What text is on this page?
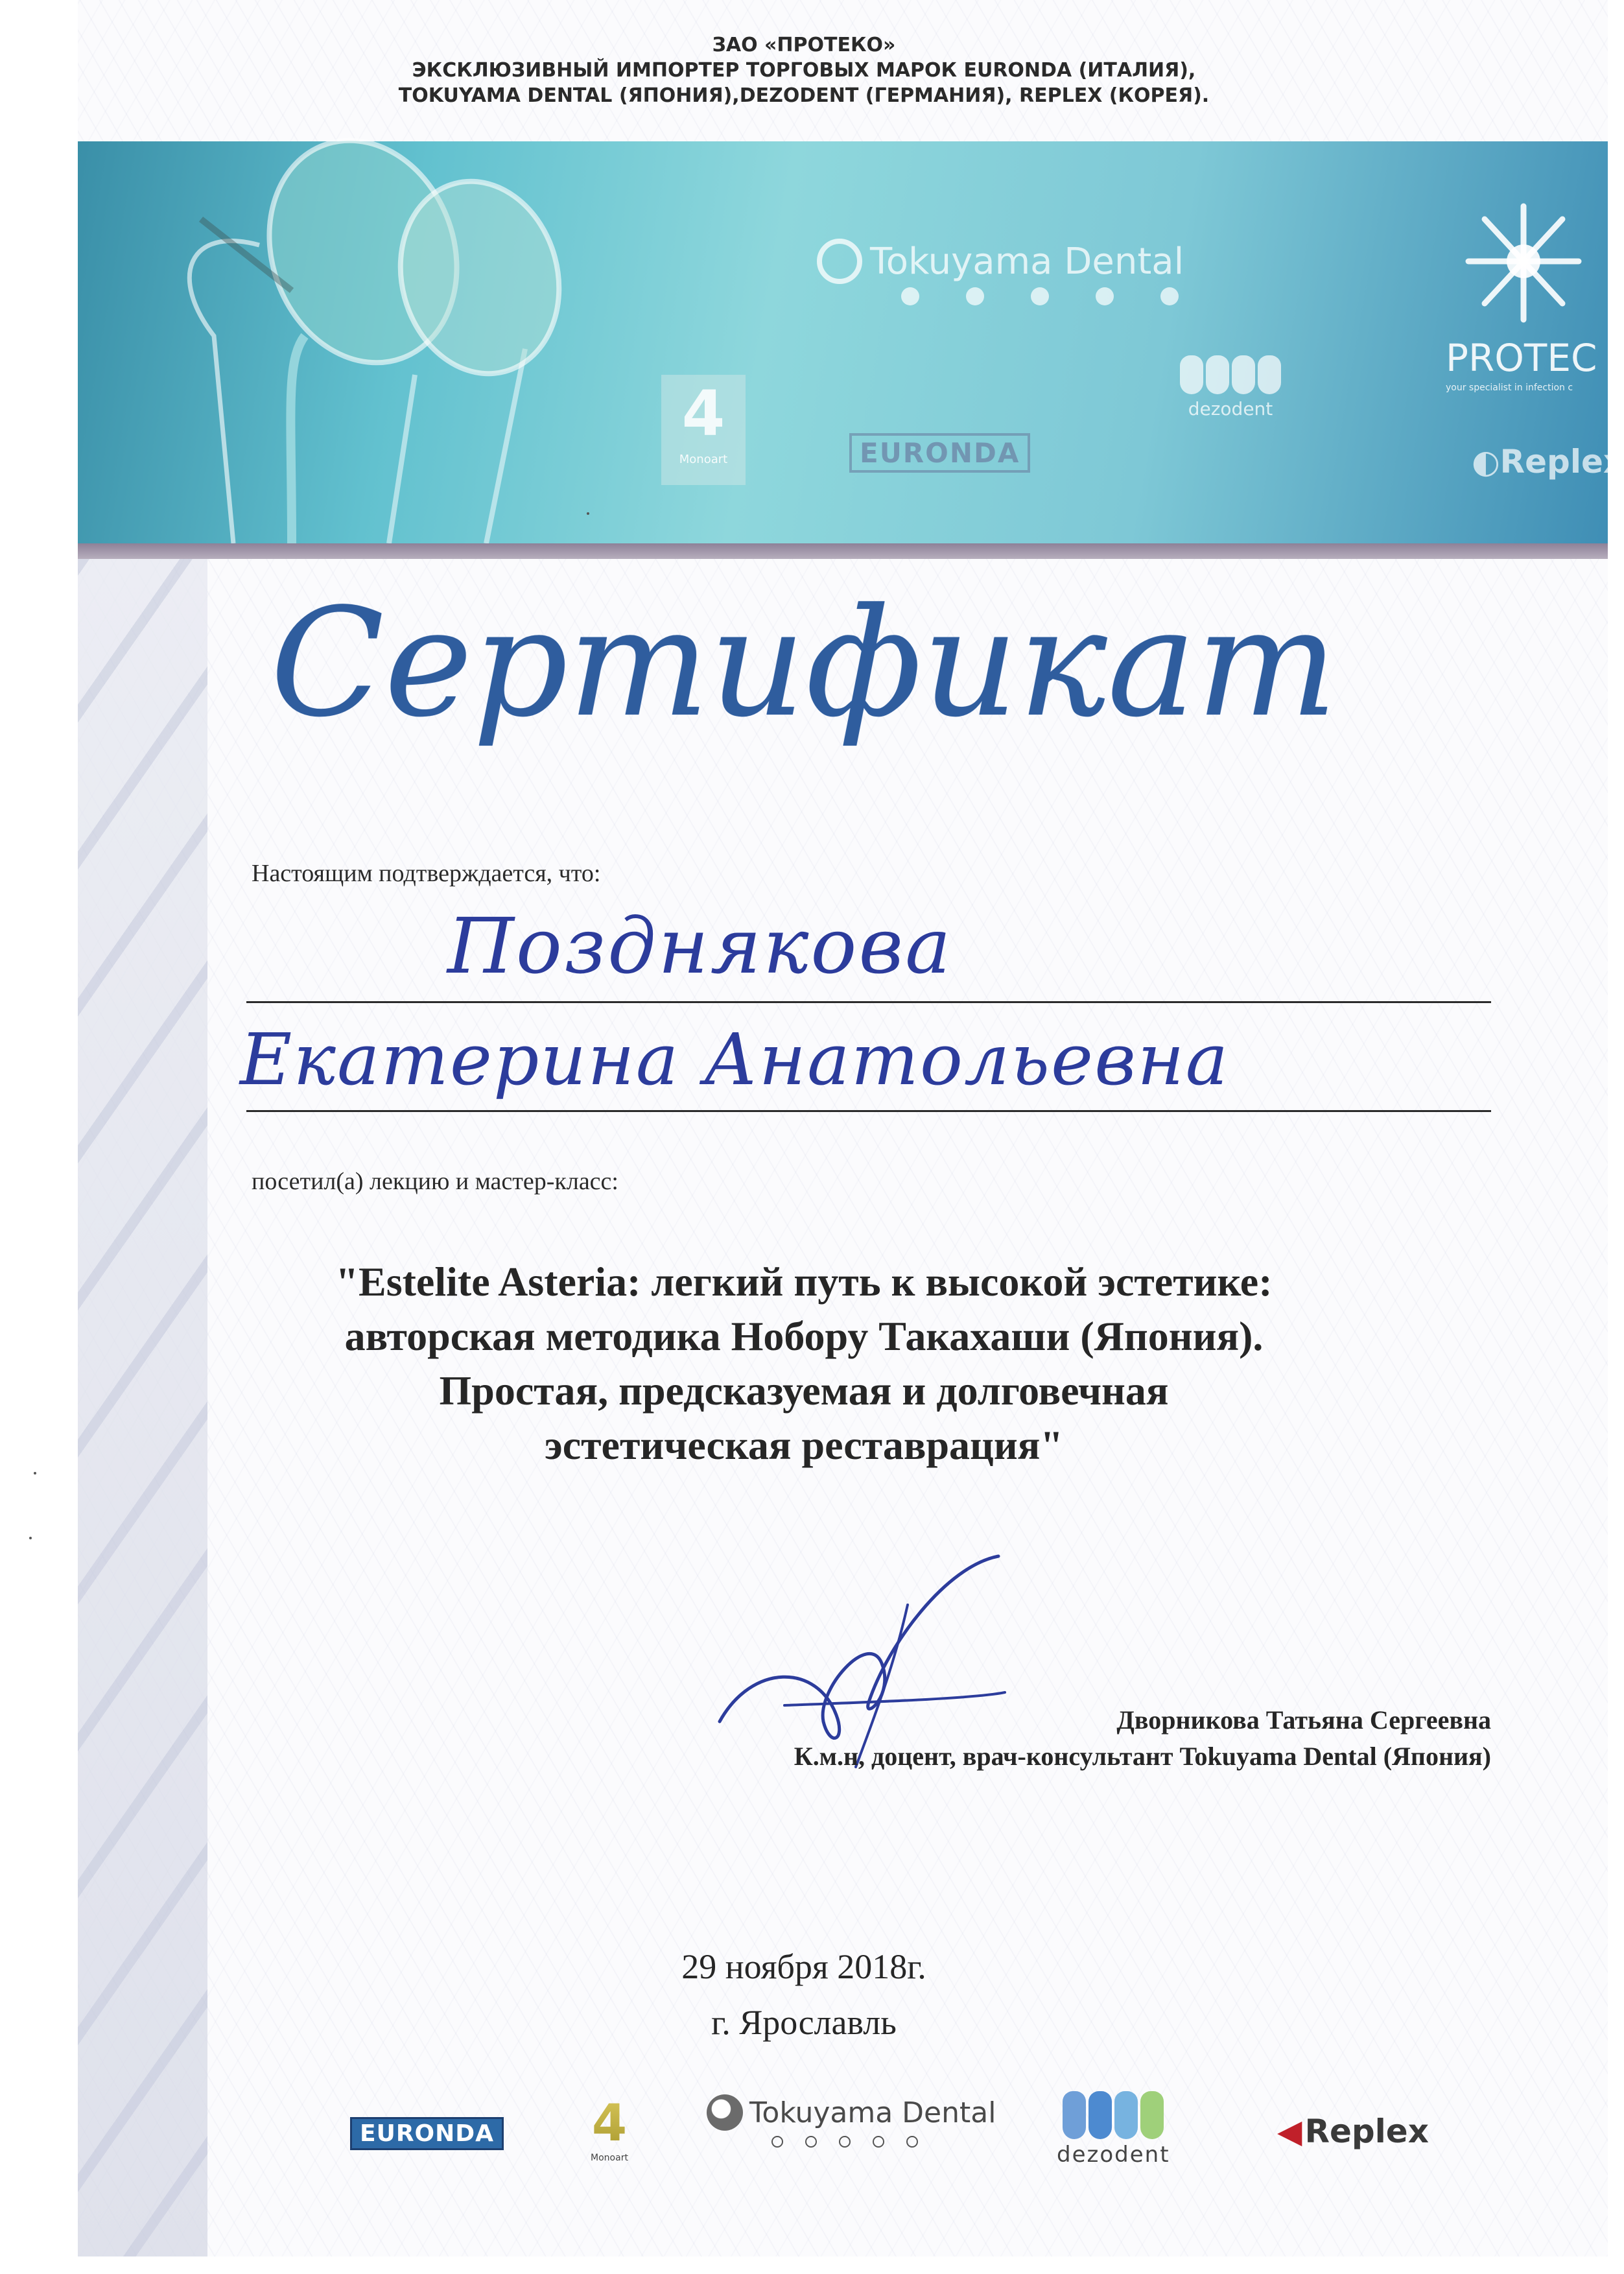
ЗАО «ПРОТЕКО»
ЭКСКЛЮЗИВНЫЙ ИМПОРТЕР ТОРГОВЫХ МАРОК EURONDA (ИТАЛИЯ),
TOKUYAMA DENTAL (ЯПОНИЯ),DEZODENT (ГЕРМАНИЯ), REPLEX (КОРЕЯ).
Tokuyama Dental
4
Monoart	EURONDA
dezodent
PROTEC
your specialist in infection c
◐Replex
Сертификат
Настоящим подтверждается, что:
Позднякова
Екатерина Анатольевна
посетил(а) лекцию и мастер-класс:
"Estelite Asteria: легкий путь к высокой эстетике:
авторская методика Нобору Такахаши (Япония).
Простая, предсказуемая и долговечная
эстетическая реставрация"
Дворникова Татьяна Сергеевна
К.м.н, доцент, врач-консультант Tokuyama Dental (Япония)
29 ноября 2018г.
г. Ярославль
EURONDA 4
Monoart
Tokuyama Dental
dezodent
◀Replex
